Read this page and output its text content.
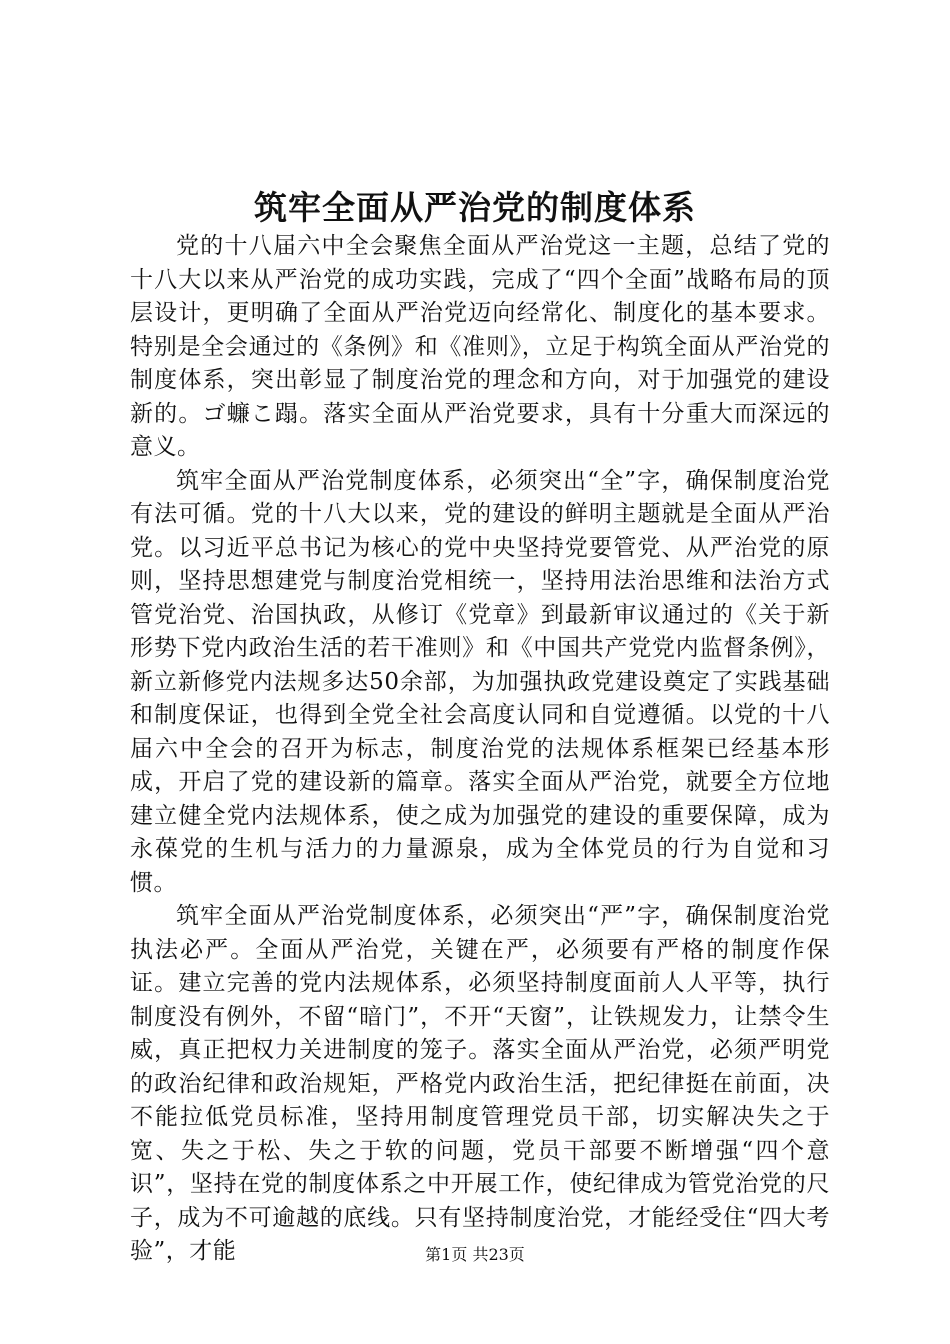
筑牢全面从严治党的制度体系

党的十八届六中全会聚焦全面从严治党这一主题，总结了党的十八大以来从严治党的成功实践，完成了“四个全面”战略布局的顶层设计，更明确了全面从严治党迈向经常化、制度化的基本要求。特别是全会通过的《条例》和《准则》，立足于构筑全面从严治党的制度体系，突出彰显了制度治党的理念和方向，对于加强党的建设新的。ゴ蠊こ蹋。落实全面从严治党要求，具有十分重大而深远的意义。

筑牢全面从严治党制度体系，必须突出“全”字，确保制度治党有法可循。党的十八大以来，党的建设的鲜明主题就是全面从严治党。以习近平总书记为核心的党中央坚持党要管党、从严治党的原则，坚持思想建党与制度治党相统一，坚持用法治思维和法治方式管党治党、治国执政，从修订《党章》到最新审议通过的《关于新形势下党内政治生活的若干准则》和《中国共产党党内监督条例》，新立新修党内法规多达50余部，为加强执政党建设奠定了实践基础和制度保证，也得到全党全社会高度认同和自觉遵循。以党的十八届六中全会的召开为标志，制度治党的法规体系框架已经基本形成，开启了党的建设新的篇章。落实全面从严治党，就要全方位地建立健全党内法规体系，使之成为加强党的建设的重要保障，成为永葆党的生机与活力的力量源泉，成为全体党员的行为自觉和习惯。

筑牢全面从严治党制度体系，必须突出“严”字，确保制度治党执法必严。全面从严治党，关键在严，必须要有严格的制度作保证。建立完善的党内法规体系，必须坚持制度面前人人平等，执行制度没有例外，不留“暗门”，不开“天窗”，让铁规发力，让禁令生威，真正把权力关进制度的笼子。落实全面从严治党，必须严明党的政治纪律和政治规矩，严格党内政治生活，把纪律挺在前面，决不能拉低党员标准，坚持用制度管理党员干部，切实解决失之于宽、失之于松、失之于软的问题，党员干部要不断增强“四个意识”，坚持在党的制度体系之中开展工作，使纪律成为管党治党的尺子，成为不可逾越的底线。只有坚持制度治党，才能经受住“四大考验”，才能	第1页 共23页
